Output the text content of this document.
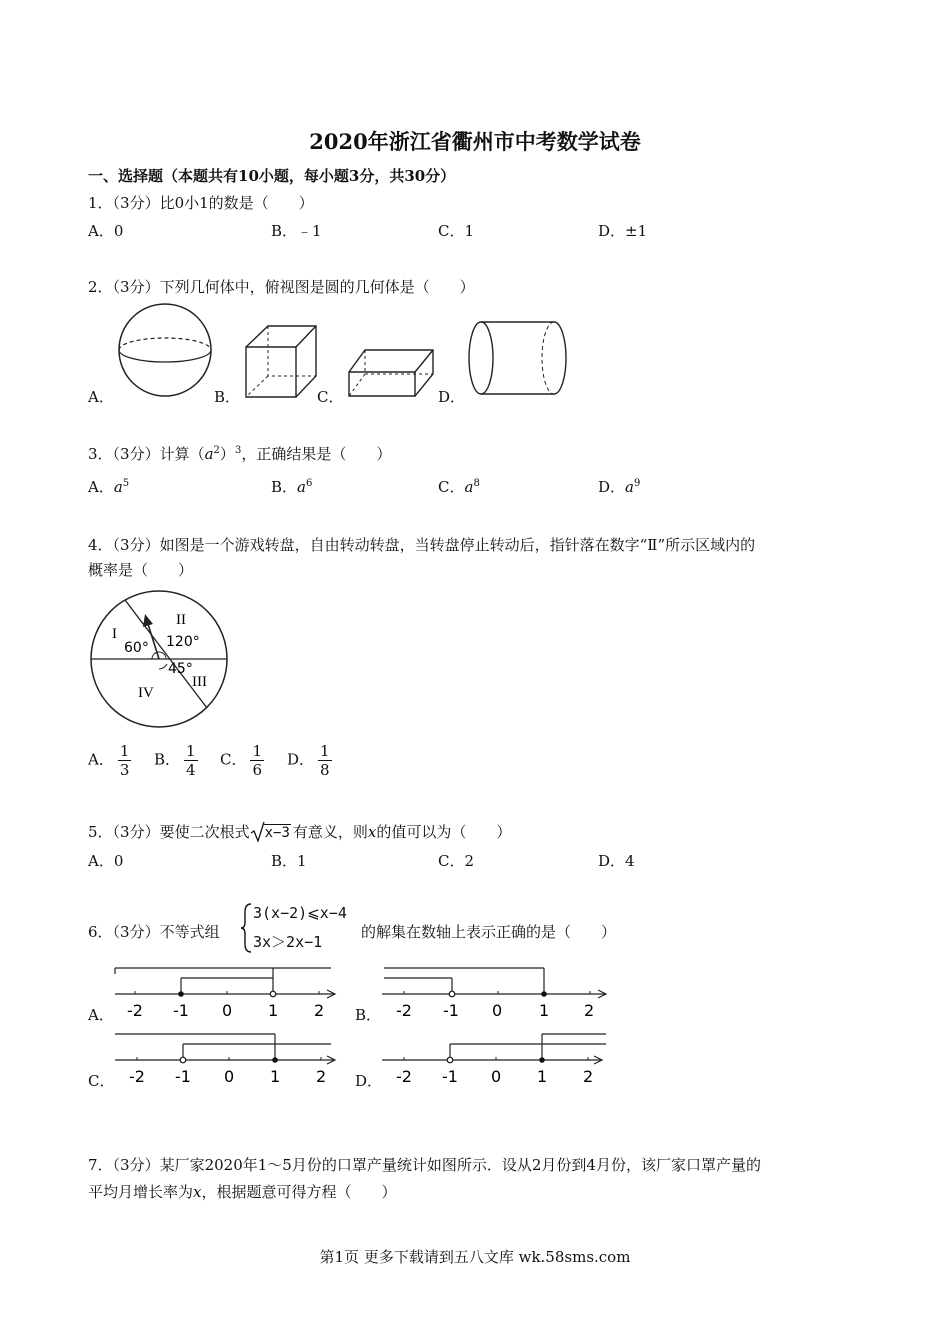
2020年浙江省衢州市中考数学试卷
一、选择题（本题共有10小题，每小题3分，共30分）
1．（3分）比0小1的数是（　　）
A．0	B．﹣1	C．1	D．±1
2．（3分）下列几何体中，俯视图是圆的几何体是（　　）
A．	B．	C．	D．
3．（3分）计算$(a^2)^3$，正确结果是（　　）
A．$a^5$	B．$a^6$	C．$a^8$	D．$a^9$
4．（3分）如图是一个游戏转盘，自由转动转盘，当转盘停止转动后，指针落在数字“Ⅱ”所示区域内的
概率是（　　）
I
II
III
IV
60° 120°
45°
A． $\frac{1}{3}$ B． $\frac{1}{4}$ C． $\frac{1}{6}$ D． $\frac{1}{8}$
5．（3分）要使二次根式 x−3 有意义，则x的值可以为（　　）
A．0	B．1	C．2	D．4
6．（3分）不等式组
3(x−2)⩽x−4
3x＞2x−1
的解集在数轴上表示正确的是（　　）
A．	B．
C．	D．
-2 -1 0 1 2	-2 -1 0 1 2
-2 -1 0 1 2	-2 -1 0 1 2
7．（3分）某厂家2020年1～5月份的口罩产量统计如图所示．设从2月份到4月份，该厂家口罩产量的
平均月增长率为x，根据题意可得方程（　　）
第1页 更多下载请到五八文库 wk.58sms.com
